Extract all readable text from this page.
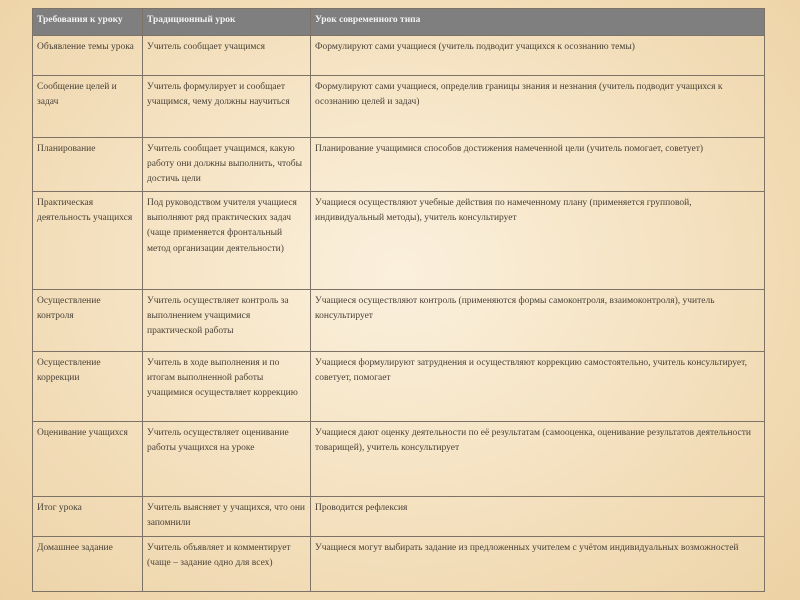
Требования к уроку	Традиционный урок	Урок современного типа
Объявление темы урока	Учитель сообщает учащимся	Формулируют сами учащиеся (учитель подводит учащихся к осознанию темы)
Сообщение целей и задач	Учитель формулирует и сообщает учащимся, чему должны научиться	Формулируют сами учащиеся, определив границы знания и незнания (учитель подводит учащихся к осознанию целей и задач)
Планирование	Учитель сообщает учащимся, какую работу они должны выполнить, чтобы достичь цели	Планирование учащимися способов достижения намеченной цели (учитель помогает, советует)
Практическая деятельность учащихся	Под руководством учителя учащиеся выполняют ряд практических задач (чаще применяется фронтальный метод организации деятельности)	Учащиеся осуществляют учебные действия по намеченному плану (применяется групповой, индивидуальный методы), учитель консультирует
Осуществление контроля	Учитель осуществляет контроль за выполнением учащимися практической работы	Учащиеся осуществляют контроль (применяются формы самоконтроля, взаимоконтроля), учитель консультирует
Осуществление коррекции	Учитель в ходе выполнения и по итогам выполненной работы учащимися осуществляет коррекцию	Учащиеся формулируют затруднения и осуществляют коррекцию самостоятельно, учитель консультирует, советует, помогает
Оценивание учащихся	Учитель осуществляет оценивание работы учащихся на уроке	Учащиеся дают оценку деятельности по её результатам (самооценка, оценивание результатов деятельности товарищей), учитель консультирует
Итог урока	Учитель выясняет у учащихся, что они запомнили	Проводится рефлексия
Домашнее задание	Учитель объявляет и комментирует (чаще – задание одно для всех)	Учащиеся могут выбирать задание из предложенных учителем с учётом индивидуальных возможностей
